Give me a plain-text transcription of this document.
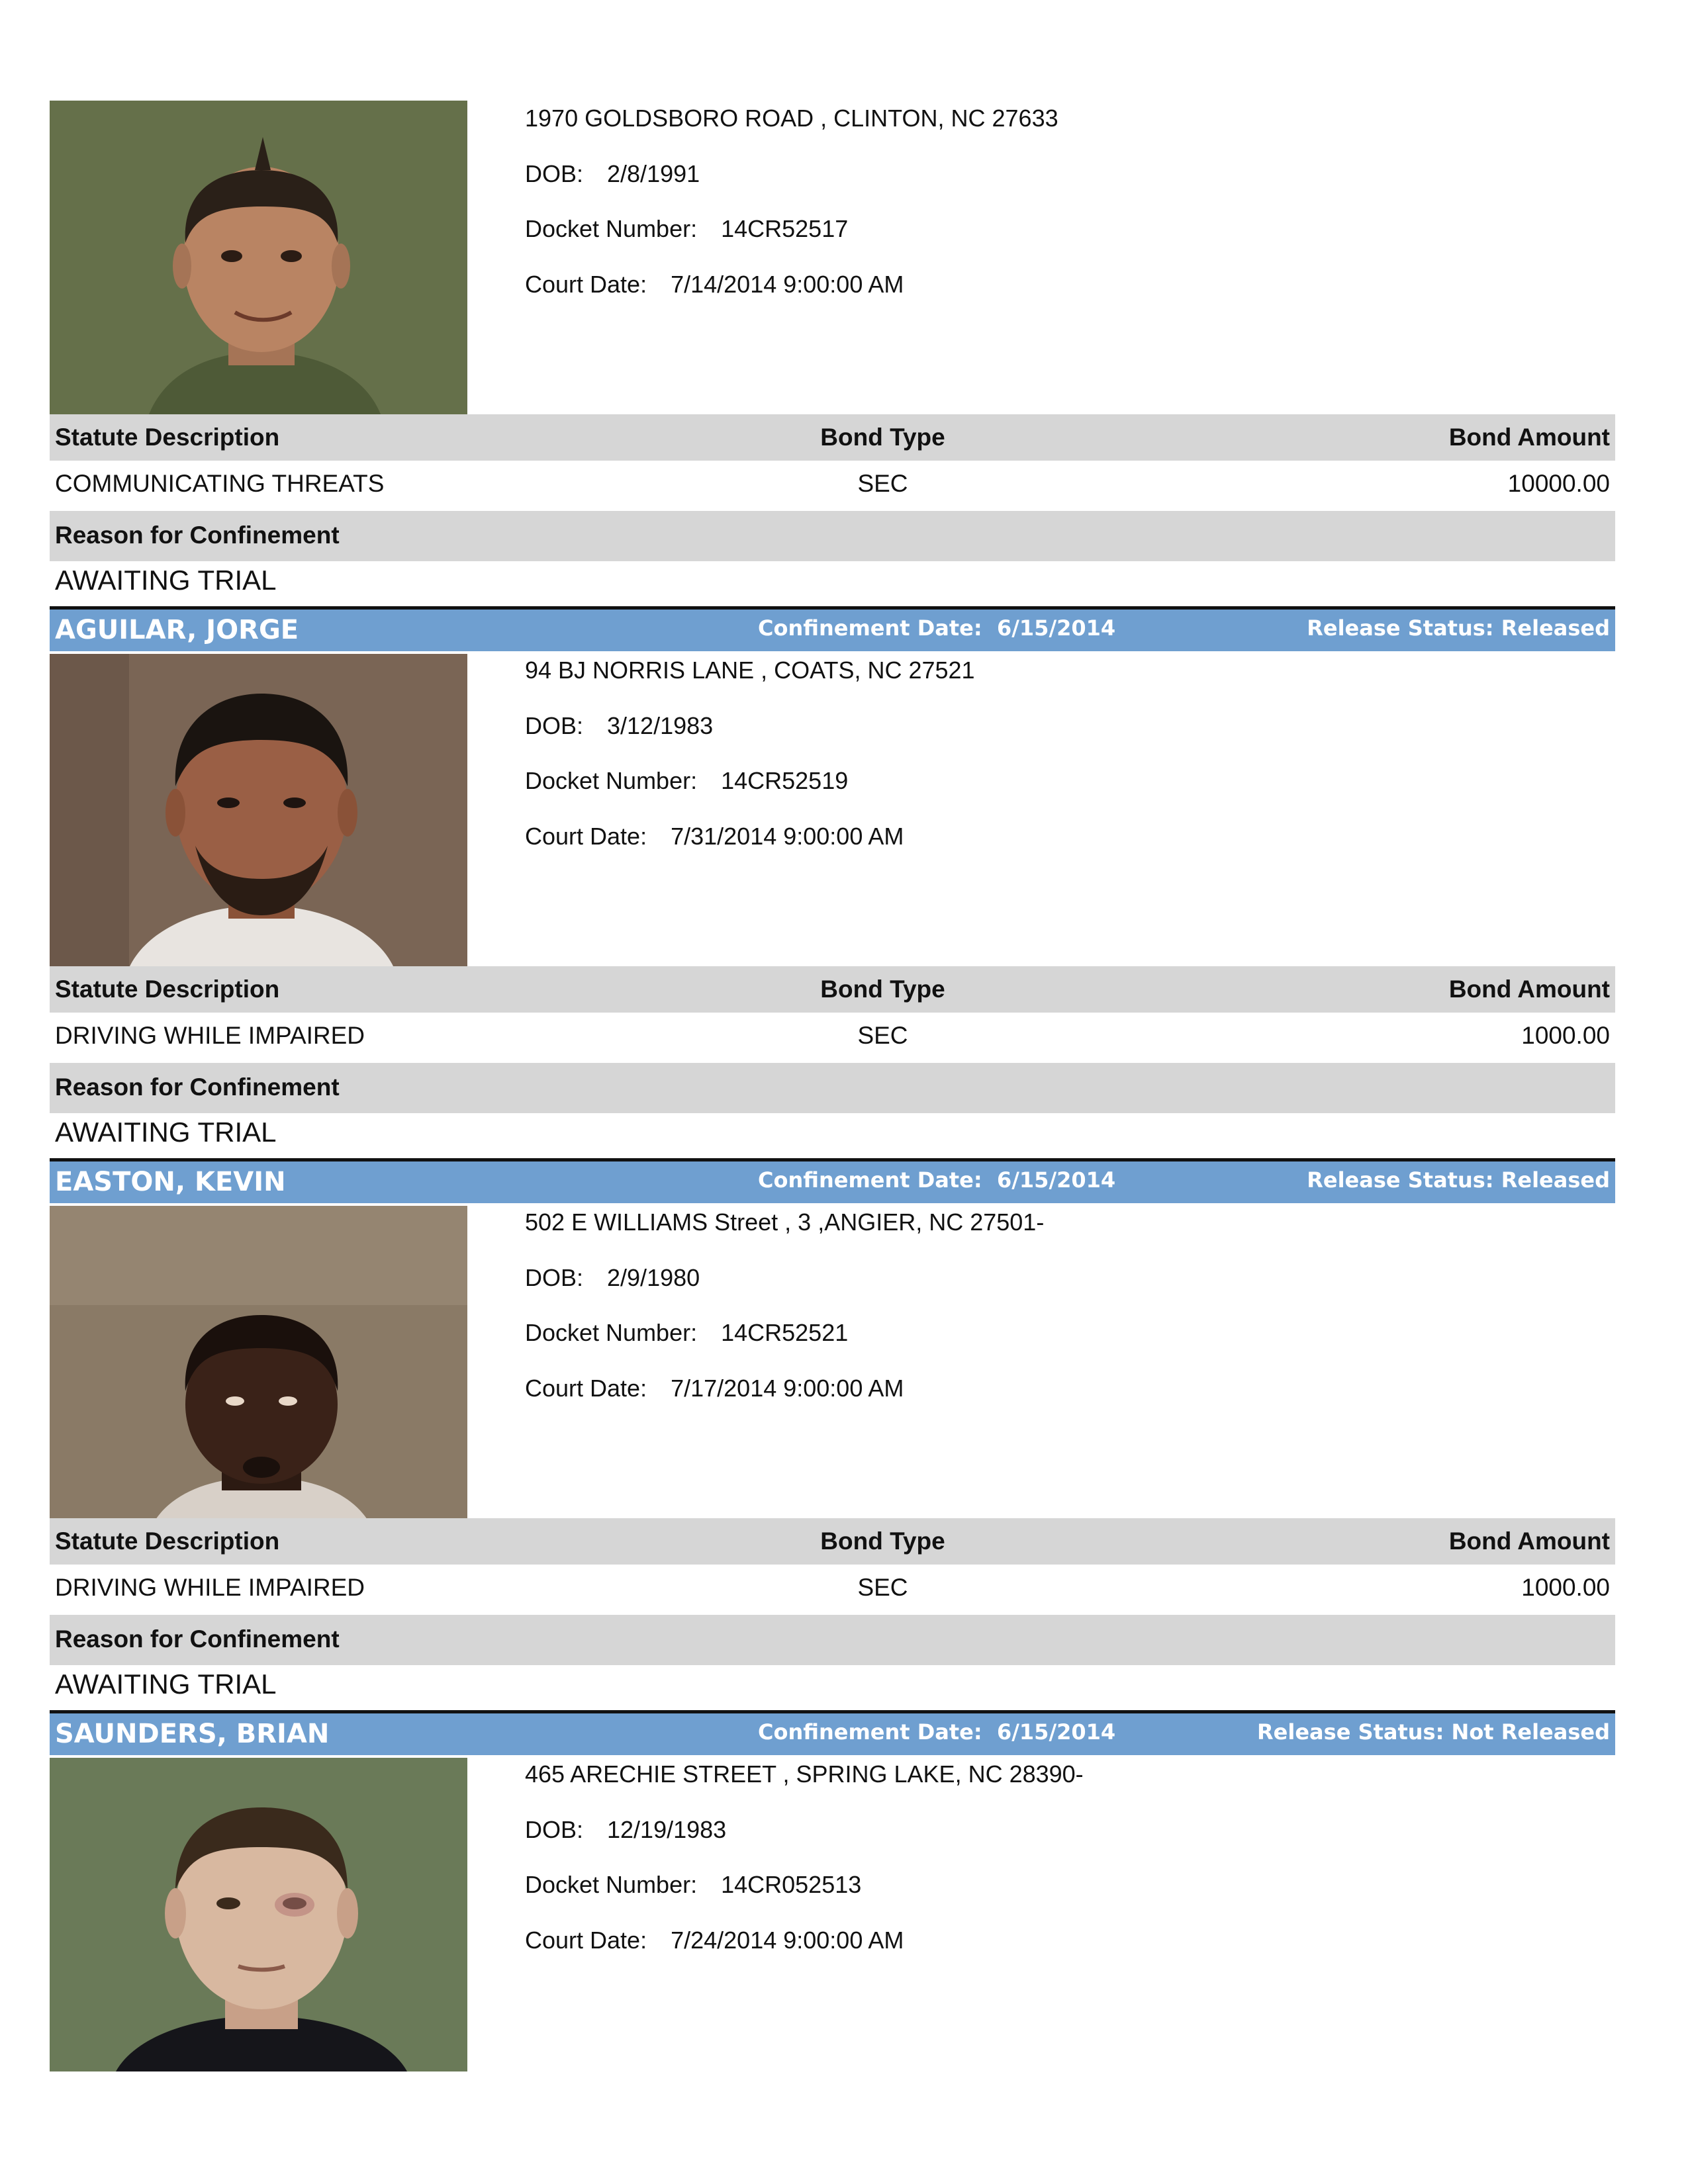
1970 GOLDSBORO ROAD , CLINTON, NC 27633
DOB: 2/8/1991
Docket Number: 14CR52517
Court Date: 7/14/2014 9:00:00 AM
Statute Description	Bond Type	Bond Amount
COMMUNICATING THREATS	SEC	10000.00
Reason for Confinement
AWAITING TRIAL
AGUILAR, JORGE	Confinement Date: 6/15/2014	Release Status: Released
94 BJ NORRIS LANE , COATS, NC 27521
DOB: 3/12/1983
Docket Number: 14CR52519
Court Date: 7/31/2014 9:00:00 AM
Statute Description	Bond Type	Bond Amount
DRIVING WHILE IMPAIRED	SEC	1000.00
Reason for Confinement
AWAITING TRIAL
EASTON, KEVIN	Confinement Date: 6/15/2014	Release Status: Released
502 E WILLIAMS Street , 3 ,ANGIER, NC 27501-
DOB: 2/9/1980
Docket Number: 14CR52521
Court Date: 7/17/2014 9:00:00 AM
Statute Description	Bond Type	Bond Amount
DRIVING WHILE IMPAIRED	SEC	1000.00
Reason for Confinement
AWAITING TRIAL
SAUNDERS, BRIAN	Confinement Date: 6/15/2014	Release Status: Not Released
465 ARECHIE STREET , SPRING LAKE, NC 28390-
DOB: 12/19/1983
Docket Number: 14CR052513
Court Date: 7/24/2014 9:00:00 AM
